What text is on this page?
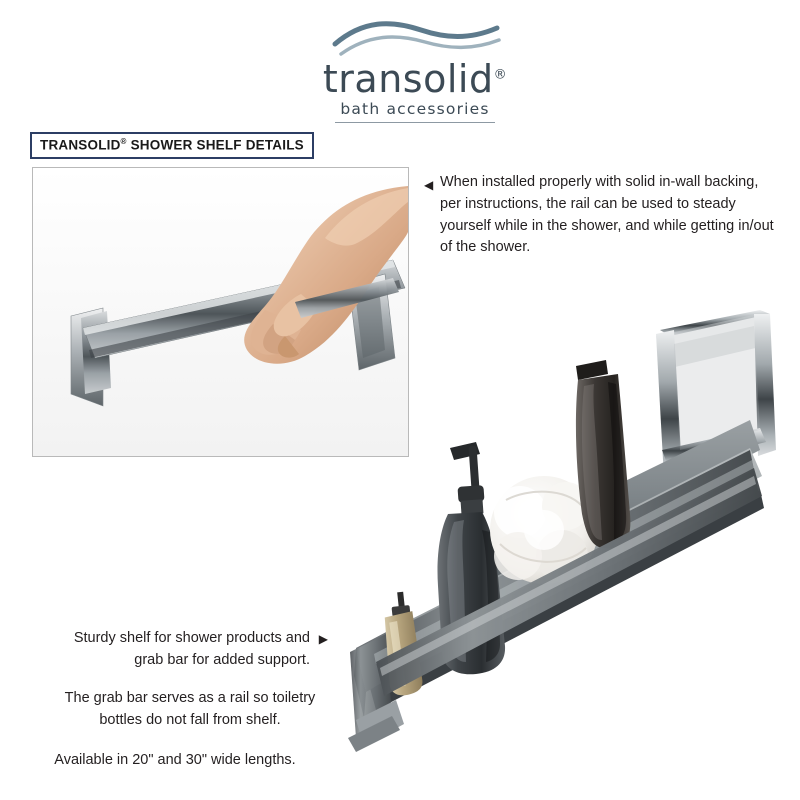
transolid®
bath accessories
TRANSOLID® SHOWER SHELF DETAILS
◀ When installed properly with solid in-wall backing, per instructions, the rail can be used to steady yourself while in the shower, and while getting in/out of the shower.
Sturdy shelf for shower products and grab bar for added support.
▶
The grab bar serves as a rail so toiletry bottles do not fall from shelf.
Available in 20" and 30" wide lengths.
